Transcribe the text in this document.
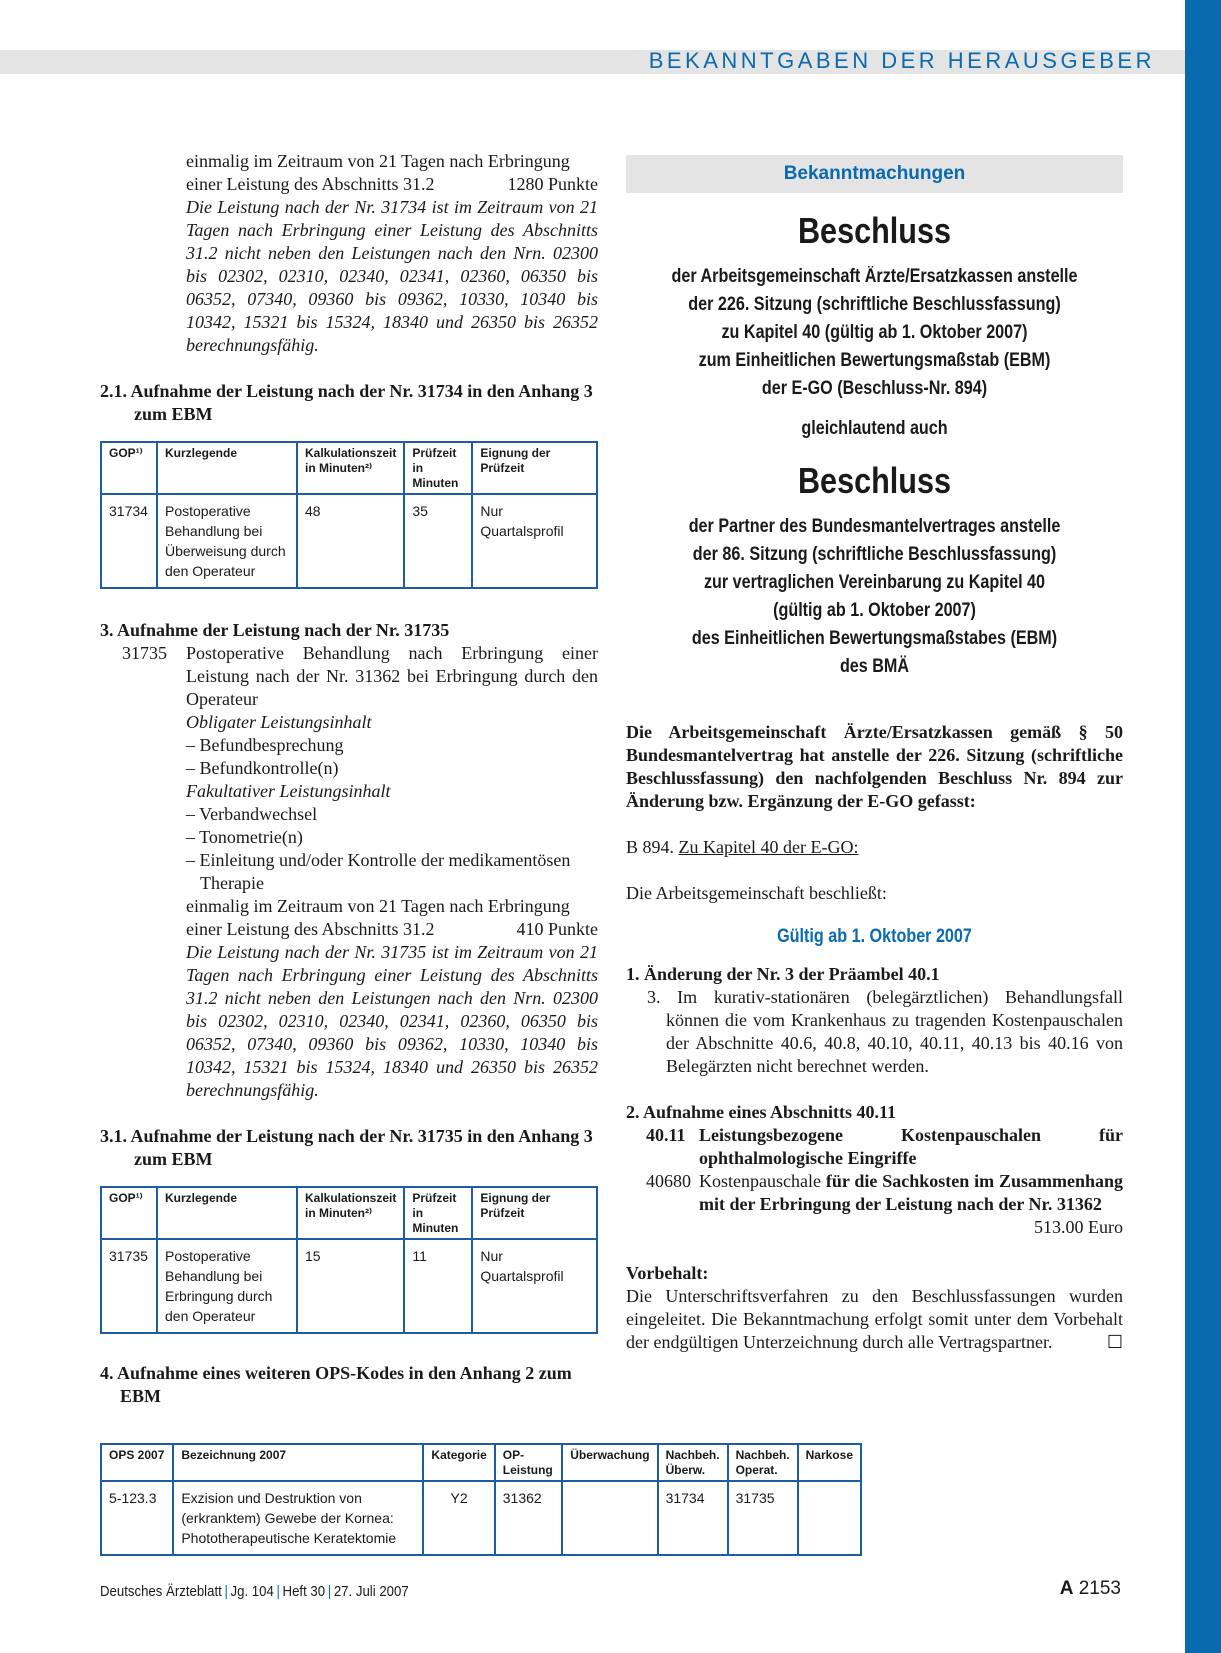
BEKANNTGABEN DER HERAUSGEBER

einmalig im Zeitraum von 21 Tagen nach Erbringung

einer Leistung des Abschnitts 31.2	1280 Punkte

Die Leistung nach der Nr. 31734 ist im Zeitraum von 21 Tagen nach Erbringung einer Leistung des Abschnitts 31.2 nicht neben den Leistungen nach den Nrn. 02300 bis 02302, 02310, 02340, 02341, 02360, 06350 bis 06352, 07340, 09360 bis 09362, 10330, 10340 bis 10342, 15321 bis 15324, 18340 und 26350 bis 26352 berechnungsfähig.

2.1. Aufnahme der Leistung nach der Nr. 31734 in den Anhang 3 zum EBM

GOP¹⁾	Kurzlegende	Kalkulationszeit in Minuten²⁾	Prüfzeit in Minuten	Eignung der Prüfzeit
31734	Postoperative Behandlung bei Überweisung durch den Operateur	48	35	Nur Quartalsprofil

3. Aufnahme der Leistung nach der Nr. 31735

31735	Postoperative Behandlung nach Erbringung einer Leistung nach der Nr. 31362 bei Erbringung durch den Operateur

Obligater Leistungsinhalt

– Befundbesprechung

– Befundkontrolle(n)

Fakultativer Leistungsinhalt

– Verbandwechsel

– Tonometrie(n)

– Einleitung und/oder Kontrolle der medikamentösen Therapie

einmalig im Zeitraum von 21 Tagen nach Erbringung

einer Leistung des Abschnitts 31.2	410 Punkte

Die Leistung nach der Nr. 31735 ist im Zeitraum von 21 Tagen nach Erbringung einer Leistung des Abschnitts 31.2 nicht neben den Leistungen nach den Nrn. 02300 bis 02302, 02310, 02340, 02341, 02360, 06350 bis 06352, 07340, 09360 bis 09362, 10330, 10340 bis 10342, 15321 bis 15324, 18340 und 26350 bis 26352 berechnungsfähig.

3.1. Aufnahme der Leistung nach der Nr. 31735 in den Anhang 3 zum EBM

GOP¹⁾	Kurzlegende	Kalkulationszeit in Minuten²⁾	Prüfzeit in Minuten	Eignung der Prüfzeit
31735	Postoperative Behandlung bei Erbringung durch den Operateur	15	11	Nur Quartalsprofil

4. Aufnahme eines weiteren OPS-Kodes in den Anhang 2 zum EBM

OPS 2007	Bezeichnung 2007	Kategorie	OP-Leistung	Überwachung	Nachbeh. Überw.	Nachbeh. Operat.	Narkose
5-123.3	Exzision und Destruktion von (erkranktem) Gewebe der Kornea: Phototherapeutische Keratektomie	Y2	31362		31734	31735	
Bekanntmachungen

Beschluss

der Arbeitsgemeinschaft Ärzte/Ersatzkassen anstelle

der 226. Sitzung (schriftliche Beschlussfassung)

zu Kapitel 40 (gültig ab 1. Oktober 2007)

zum Einheitlichen Bewertungsmaßstab (EBM)

der E-GO (Beschluss-Nr. 894)

gleichlautend auch

Beschluss

der Partner des Bundesmantelvertrages anstelle

der 86. Sitzung (schriftliche Beschlussfassung)

zur vertraglichen Vereinbarung zu Kapitel 40

(gültig ab 1. Oktober 2007)

des Einheitlichen Bewertungsmaßstabes (EBM)

des BMÄ

Die Arbeitsgemeinschaft Ärzte/Ersatzkassen gemäß § 50 Bundesmantelvertrag hat anstelle der 226. Sitzung (schriftliche Beschlussfassung) den nachfolgenden Beschluss Nr. 894 zur Änderung bzw. Ergänzung der E-GO gefasst:

B 894. Zu Kapitel 40 der E-GO:

Die Arbeitsgemeinschaft beschließt:

Gültig ab 1. Oktober 2007

1. Änderung der Nr. 3 der Präambel 40.1

3. Im kurativ-stationären (belegärztlichen) Behandlungsfall können die vom Krankenhaus zu tragenden Kostenpauschalen der Abschnitte 40.6, 40.8, 40.10, 40.11, 40.13 bis 40.16 von Belegärzten nicht berechnet werden.

2. Aufnahme eines Abschnitts 40.11

40.11 Leistungsbezogene Kostenpauschalen für ophthalmologische Eingriffe
40680 Kostenpauschale für die Sachkosten im Zusammenhang mit der Erbringung der Leistung nach der Nr. 31362
513.00 Euro

Vorbehalt:

Die Unterschriftsverfahren zu den Beschlussfassungen wurden eingeleitet. Die Bekanntmachung erfolgt somit unter dem Vorbehalt der endgültigen Unterzeichnung durch alle Vertragspartner.	☐

Deutsches Ärzteblatt | Jg. 104 | Heft 30 | 27. Juli 2007	A 2153
